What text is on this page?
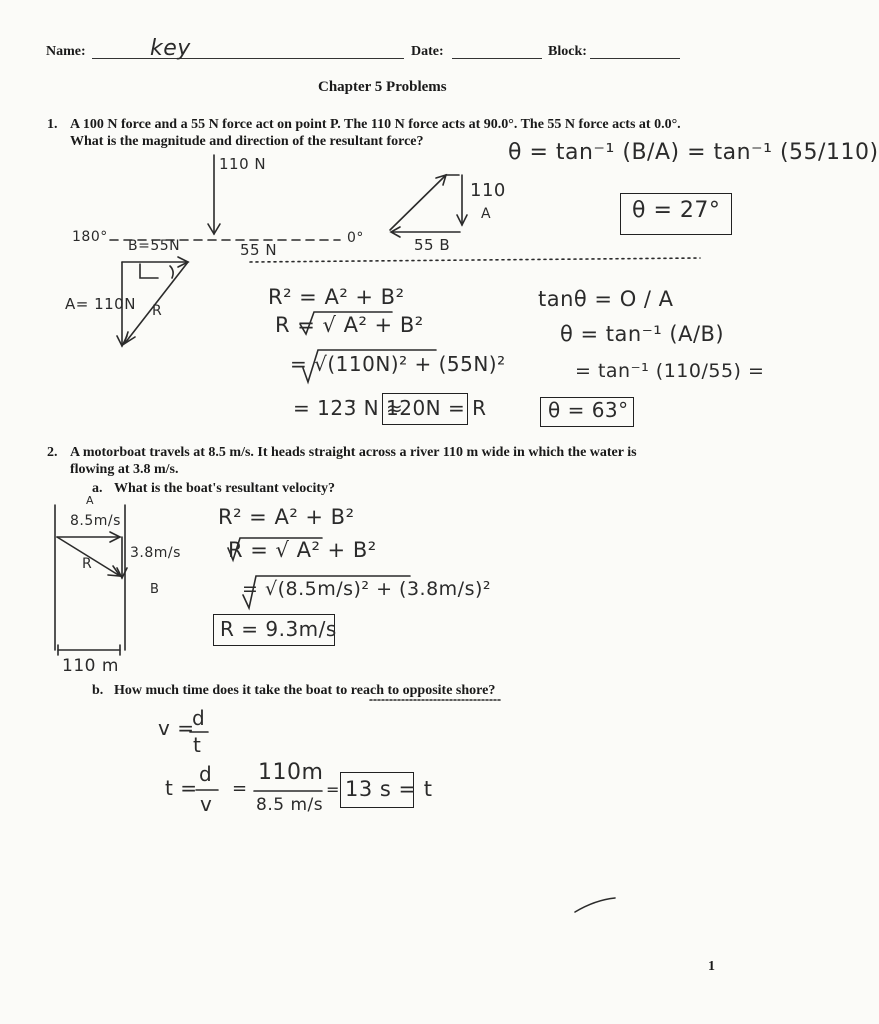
Name:	key	Date:	Block:
Chapter 5 Problems
1. A 100 N force and a 55 N force act on point P. The 110 N force acts at 90.0°. The 55 N force acts at 0.0°.
What is the magnitude and direction of the resultant force?
110 N
180°
55 N
0°
110
A
55 B
θ = tan⁻¹ (B/A) = tan⁻¹ (55/110)
θ = 27°
B=55N
A= 110N R
R² = A² + B²
R = √ A² + B²
= √(110N)² + (55N)²
= 123 N ≈
120N = R
tanθ = O / A
θ = tan⁻¹ (A/B)
= tan⁻¹ (110/55) =
θ = 63°
2. A motorboat travels at 8.5 m/s. It heads straight across a river 110 m wide in which the water is
flowing at 3.8 m/s.
a. What is the boat's resultant velocity?
A
8.5m/s
3.8m/s
B
R
110 m
R² = A² + B²
R = √ A² + B²
= √(8.5m/s)² + (3.8m/s)²
R = 9.3m/s
b. How much time does it take the boat to reach to opposite shore?
v =
d
t
t =
d
v
=
110m
8.5 m/s
= 13 s = t
1
